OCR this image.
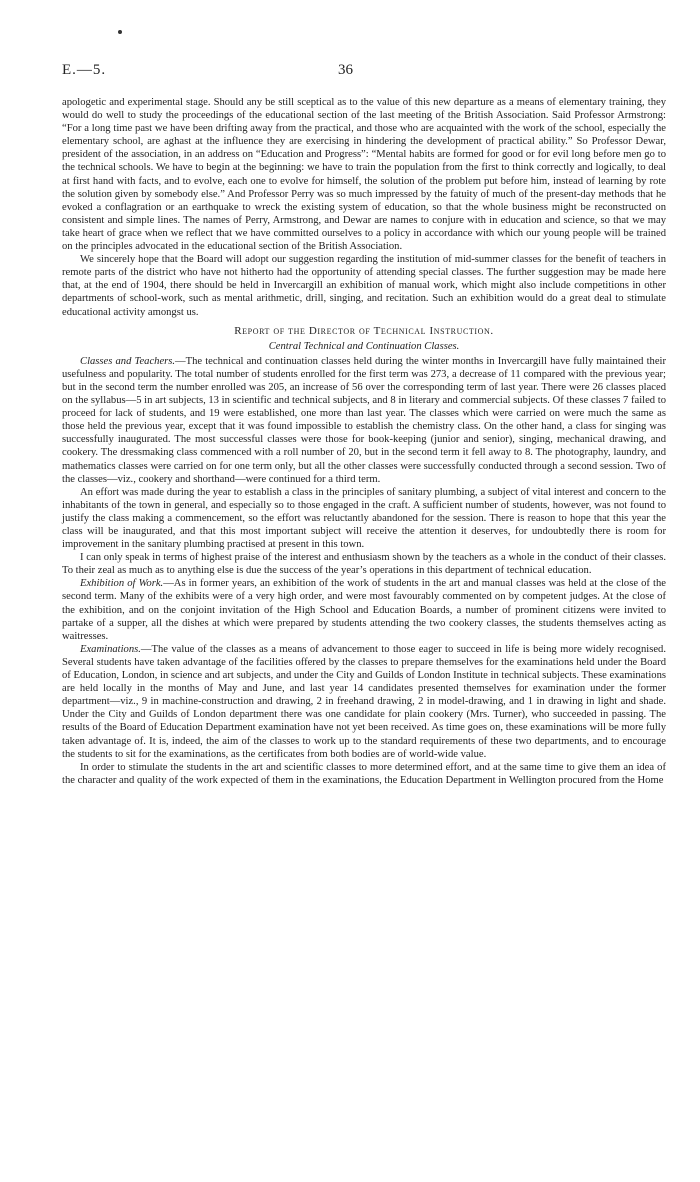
E.—5.	36

apologetic and experimental stage. Should any be still sceptical as to the value of this new departure as a means of elementary training, they would do well to study the proceedings of the educational section of the last meeting of the British Association. Said Professor Armstrong: “For a long time past we have been drifting away from the practical, and those who are acquainted with the work of the school, especially the elementary school, are aghast at the influence they are exercising in hindering the development of practical ability.” So Professor Dewar, president of the association, in an address on “Education and Progress”: “Mental habits are formed for good or for evil long before men go to the technical schools. We have to begin at the beginning: we have to train the population from the first to think correctly and logically, to deal at first hand with facts, and to evolve, each one to evolve for himself, the solution of the problem put before him, instead of learning by rote the solution given by somebody else.” And Professor Perry was so much impressed by the fatuity of much of the present-day methods that he evoked a conflagration or an earthquake to wreck the existing system of education, so that the whole business might be reconstructed on consistent and simple lines. The names of Perry, Armstrong, and Dewar are names to conjure with in education and science, so that we may take heart of grace when we reflect that we have committed ourselves to a policy in accordance with which our young people will be trained on the principles advocated in the educational section of the British Association.

We sincerely hope that the Board will adopt our suggestion regarding the institution of mid-summer classes for the benefit of teachers in remote parts of the district who have not hitherto had the opportunity of attending special classes. The further suggestion may be made here that, at the end of 1904, there should be held in Invercargill an exhibition of manual work, which might also include competitions in other departments of school-work, such as mental arithmetic, drill, singing, and recitation. Such an exhibition would do a great deal to stimulate educational activity amongst us.

Report of the Director of Technical Instruction.
Central Technical and Continuation Classes.

Classes and Teachers.—The technical and continuation classes held during the winter months in Invercargill have fully maintained their usefulness and popularity. The total number of students enrolled for the first term was 273, a decrease of 11 compared with the previous year; but in the second term the number enrolled was 205, an increase of 56 over the corresponding term of last year. There were 26 classes placed on the syllabus—5 in art subjects, 13 in scientific and technical subjects, and 8 in literary and commercial subjects. Of these classes 7 failed to proceed for lack of students, and 19 were established, one more than last year. The classes which were carried on were much the same as those held the previous year, except that it was found impossible to establish the chemistry class. On the other hand, a class for singing was successfully inaugurated. The most successful classes were those for book-keeping (junior and senior), singing, mechanical drawing, and cookery. The dressmaking class commenced with a roll number of 20, but in the second term it fell away to 8. The photography, laundry, and mathematics classes were carried on for one term only, but all the other classes were successfully conducted through a second session. Two of the classes—viz., cookery and shorthand—were continued for a third term.

An effort was made during the year to establish a class in the principles of sanitary plumbing, a subject of vital interest and concern to the inhabitants of the town in general, and especially so to those engaged in the craft. A sufficient number of students, however, was not found to justify the class making a commencement, so the effort was reluctantly abandoned for the session. There is reason to hope that this year the class will be inaugurated, and that this most important subject will receive the attention it deserves, for undoubtedly there is room for improvement in the sanitary plumbing practised at present in this town.

I can only speak in terms of highest praise of the interest and enthusiasm shown by the teachers as a whole in the conduct of their classes. To their zeal as much as to anything else is due the success of the year’s operations in this department of technical education.

Exhibition of Work.—As in former years, an exhibition of the work of students in the art and manual classes was held at the close of the second term. Many of the exhibits were of a very high order, and were most favourably commented on by competent judges. At the close of the exhibition, and on the conjoint invitation of the High School and Education Boards, a number of prominent citizens were invited to partake of a supper, all the dishes at which were prepared by students attending the two cookery classes, the students themselves acting as waitresses.

Examinations.—The value of the classes as a means of advancement to those eager to succeed in life is being more widely recognised. Several students have taken advantage of the facilities offered by the classes to prepare themselves for the examinations held under the Board of Education, London, in science and art subjects, and under the City and Guilds of London Institute in technical subjects. These examinations are held locally in the months of May and June, and last year 14 candidates presented themselves for examination under the former department—viz., 9 in machine-construction and drawing, 2 in freehand drawing, 2 in model-drawing, and 1 in drawing in light and shade. Under the City and Guilds of London department there was one candidate for plain cookery (Mrs. Turner), who succeeded in passing. The results of the Board of Education Department examination have not yet been received. As time goes on, these examinations will be more fully taken advantage of. It is, indeed, the aim of the classes to work up to the standard requirements of these two departments, and to encourage the students to sit for the examinations, as the certificates from both bodies are of world-wide value.

In order to stimulate the students in the art and scientific classes to more determined effort, and at the same time to give them an idea of the character and quality of the work expected of them in the examinations, the Education Department in Wellington procured from the Home
